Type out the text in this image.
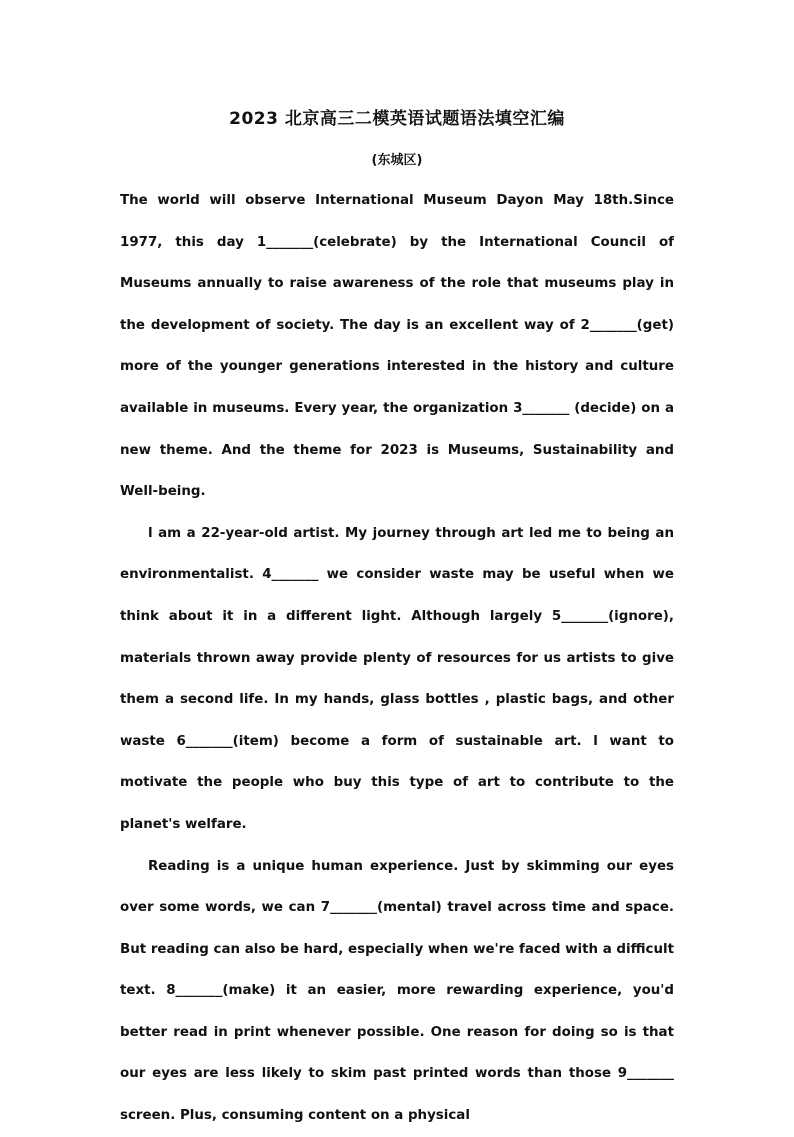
2023 北京高三二模英语试题语法填空汇编
(东城区)

The world will observe International Museum Dayon May 18th.Since 1977, this day 1_______(celebrate) by the International Council of Museums annually to raise awareness of the role that museums play in the development of society. The day is an excellent way of 2_______(get) more of the younger generations interested in the history and culture available in museums. Every year, the organization 3_______ (decide) on a new theme. And the theme for 2023 is Museums, Sustainability and Well-being.

l am a 22-year-old artist. My journey through art led me to being an environmentalist. 4_______ we consider waste may be useful when we think about it in a different light. Although largely 5_______(ignore), materials thrown away provide plenty of resources for us artists to give them a second life. In my hands, glass bottles , plastic bags, and other waste 6_______(item) become a form of sustainable art. l want to motivate the people who buy this type of art to contribute to the planet's welfare.

Reading is a unique human experience. Just by skimming our eyes over some words, we can 7_______(mental) travel across time and space. But reading can also be hard, especially when we're faced with a difficult text. 8_______(make) it an easier, more rewarding experience, you'd better read in print whenever possible. One reason for doing so is that our eyes are less likely to skim past printed words than those 9_______ screen. Plus, consuming content on a physical
